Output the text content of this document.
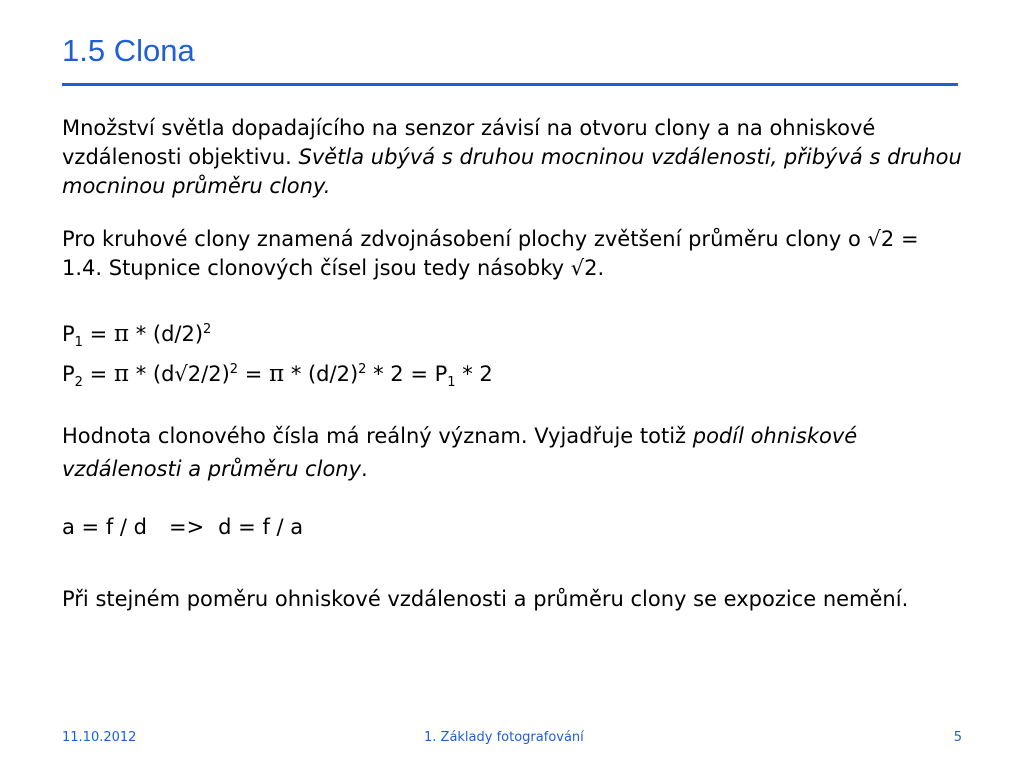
1.5 Clona

Množství světla dopadajícího na senzor závisí na otvoru clony a na ohniskové vzdálenosti objektivu. Světla ubývá s druhou mocninou vzdálenosti, přibývá s druhou mocninou průměru clony.

Pro kruhové clony znamená zdvojnásobení plochy zvětšení průměru clony o √2 = 1.4. Stupnice clonových čísel jsou tedy násobky √2.

$P_1 = \pi * (d/2)^2$

$P_2 = \pi * (d√2/2)^2 = \pi * (d/2)^2 * 2 = P_1 * 2$

Hodnota clonového čísla má reálný význam. Vyjadřuje totiž podíl ohniskové vzdálenosti a průměru clony.

a = f / d => d = f / a

Při stejném poměru ohniskové vzdálenosti a průměru clony se expozice nemění.

11.10.2012	1. Základy fotografování	5
